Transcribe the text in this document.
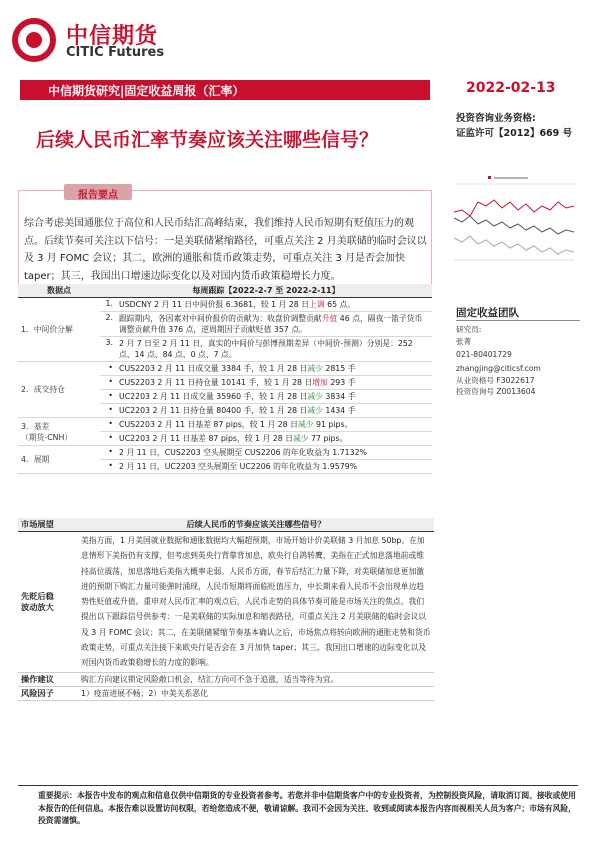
中信期货
CITIC Futures
中信期货研究|固定收益周报（汇率）	2022-02-13
后续人民币汇率节奏应该关注哪些信号？
投资咨询业务资格:
证监许可【2012】669 号
报告要点
综合考虑美国通胀位于高位和人民币结汇高峰结束，我们维持人民币短期有贬值压力的观点。后续节奏可关注以下信号：一是美联储紧缩路径，可重点关注 2 月美联储的临时会议以及 3 月 FOMC 会议；其二，欧洲的通胀和货币政策走势，可重点关注 3 月是否会加快 taper；其三，我国出口增速边际变化以及对国内货币政策稳增长力度。
数据点	每周跟踪【2022-2-7 至 2022-2-11】	
1．中间价分解	1.	USDCNY 2 月 11 日中间价报 6.3681，较 1 月 28 日上调 65 点。
	2.	跟踪期内，各因素对中间价报价的贡献为：收盘价调整贡献升值 46 点，隔夜一篮子货币调整贡献升值 376 点，逆周期因子贡献贬值 357 点。
	3.	2 月 7 日至 2 月 11 日，真实的中间价与彭博预期差异（中间价-预测）分别是：252 点、14 点、84 点、0 点、7 点。
2．成交持仓	•	CUS2203 2 月 11 日成交量 3384 手，较 1 月 28 日减少 2815 手
	•	CUS2203 2 月 11 日持仓量 10141 手，较 1 月 28 日增加 293 手
	•	UC2203 2 月 11 日成交量 35960 手，较 1 月 28 日减少 3834 手
	•	UC2203 2 月 11 日持仓量 80400 手，较 1 月 28 日减少 1434 手
3．基差
（期货-CNH）	•	CUS2203 2 月 11 日基差 87 pips，较 1 月 28 日减少 91 pips。
	•	UC2203 2 月 11 日基差 87 pips，较 1 月 28 日减少 77 pips。
4．展期	•	2 月 11 日，CUS2203 空头展期至 CUS2206 的年化收益为 1.7132%
	•	2 月 11 日，UC2203 空头展期至 UC2206 的年化收益为 1.9579%
固定收益团队
研究员:
张菁
021-80401729
zhangjing@citicsf.com
从业资格号 F3022617
投资咨询号 Z0013604
市场展望	后续人民币的节奏应该关注哪些信号？
先贬后稳
波动放大	美指方面，1 月美国就业数据和通胀数据均大幅超预期，市场开始计价美联储 3 月加息 50bp。在加息情形下美指仍有支撑，但考虑到英央行背靠背加息，欧央行自鸽转鹰，美指在正式加息落地前或维持高位震荡，加息落地后美指大概率走弱。人民币方面，春节后结汇力量下降，对美联储加息更加激进的预期下购汇力量可能弹时涌现，人民币短期将面临贬值压力，中长期来看人民币不会出现单边趋势性贬值或升值。重申对人民币汇率的观点后，人民币走势的具体节奏可能是市场关注的焦点。我们提出以下跟踪信号供参考：一是美联储的实际加息和缩表路径，可重点关注 2 月美联储的临时会议以及 3 月 FOMC 会议；其二，在美联储紧缩节奏基本确认之后，市场焦点将转向欧洲的通胀走势和货币政策走势，可重点关注接下来欧央行是否会在 3 月加快 taper；其三，我国出口增速的边际变化以及对国内货币政策稳增长的力度的影响。
操作建议	购汇方向建议锁定风险敞口机会，结汇方向可不急于追涨，适当等待为宜。
风险因子	1）疫苗进展不畅；2）中美关系恶化
重要提示：本报告中发布的观点和信息仅供中信期货的专业投资者参考。若您并非中信期货客户中的专业投资者，为控制投资风险，请取消订阅、接收或使用本报告的任何信息。本报告难以设置访问权限，若给您造成不便，敬请谅解。我司不会因为关注、收到或阅读本报告内容而视相关人员为客户；市场有风险，投资需谨慎。
